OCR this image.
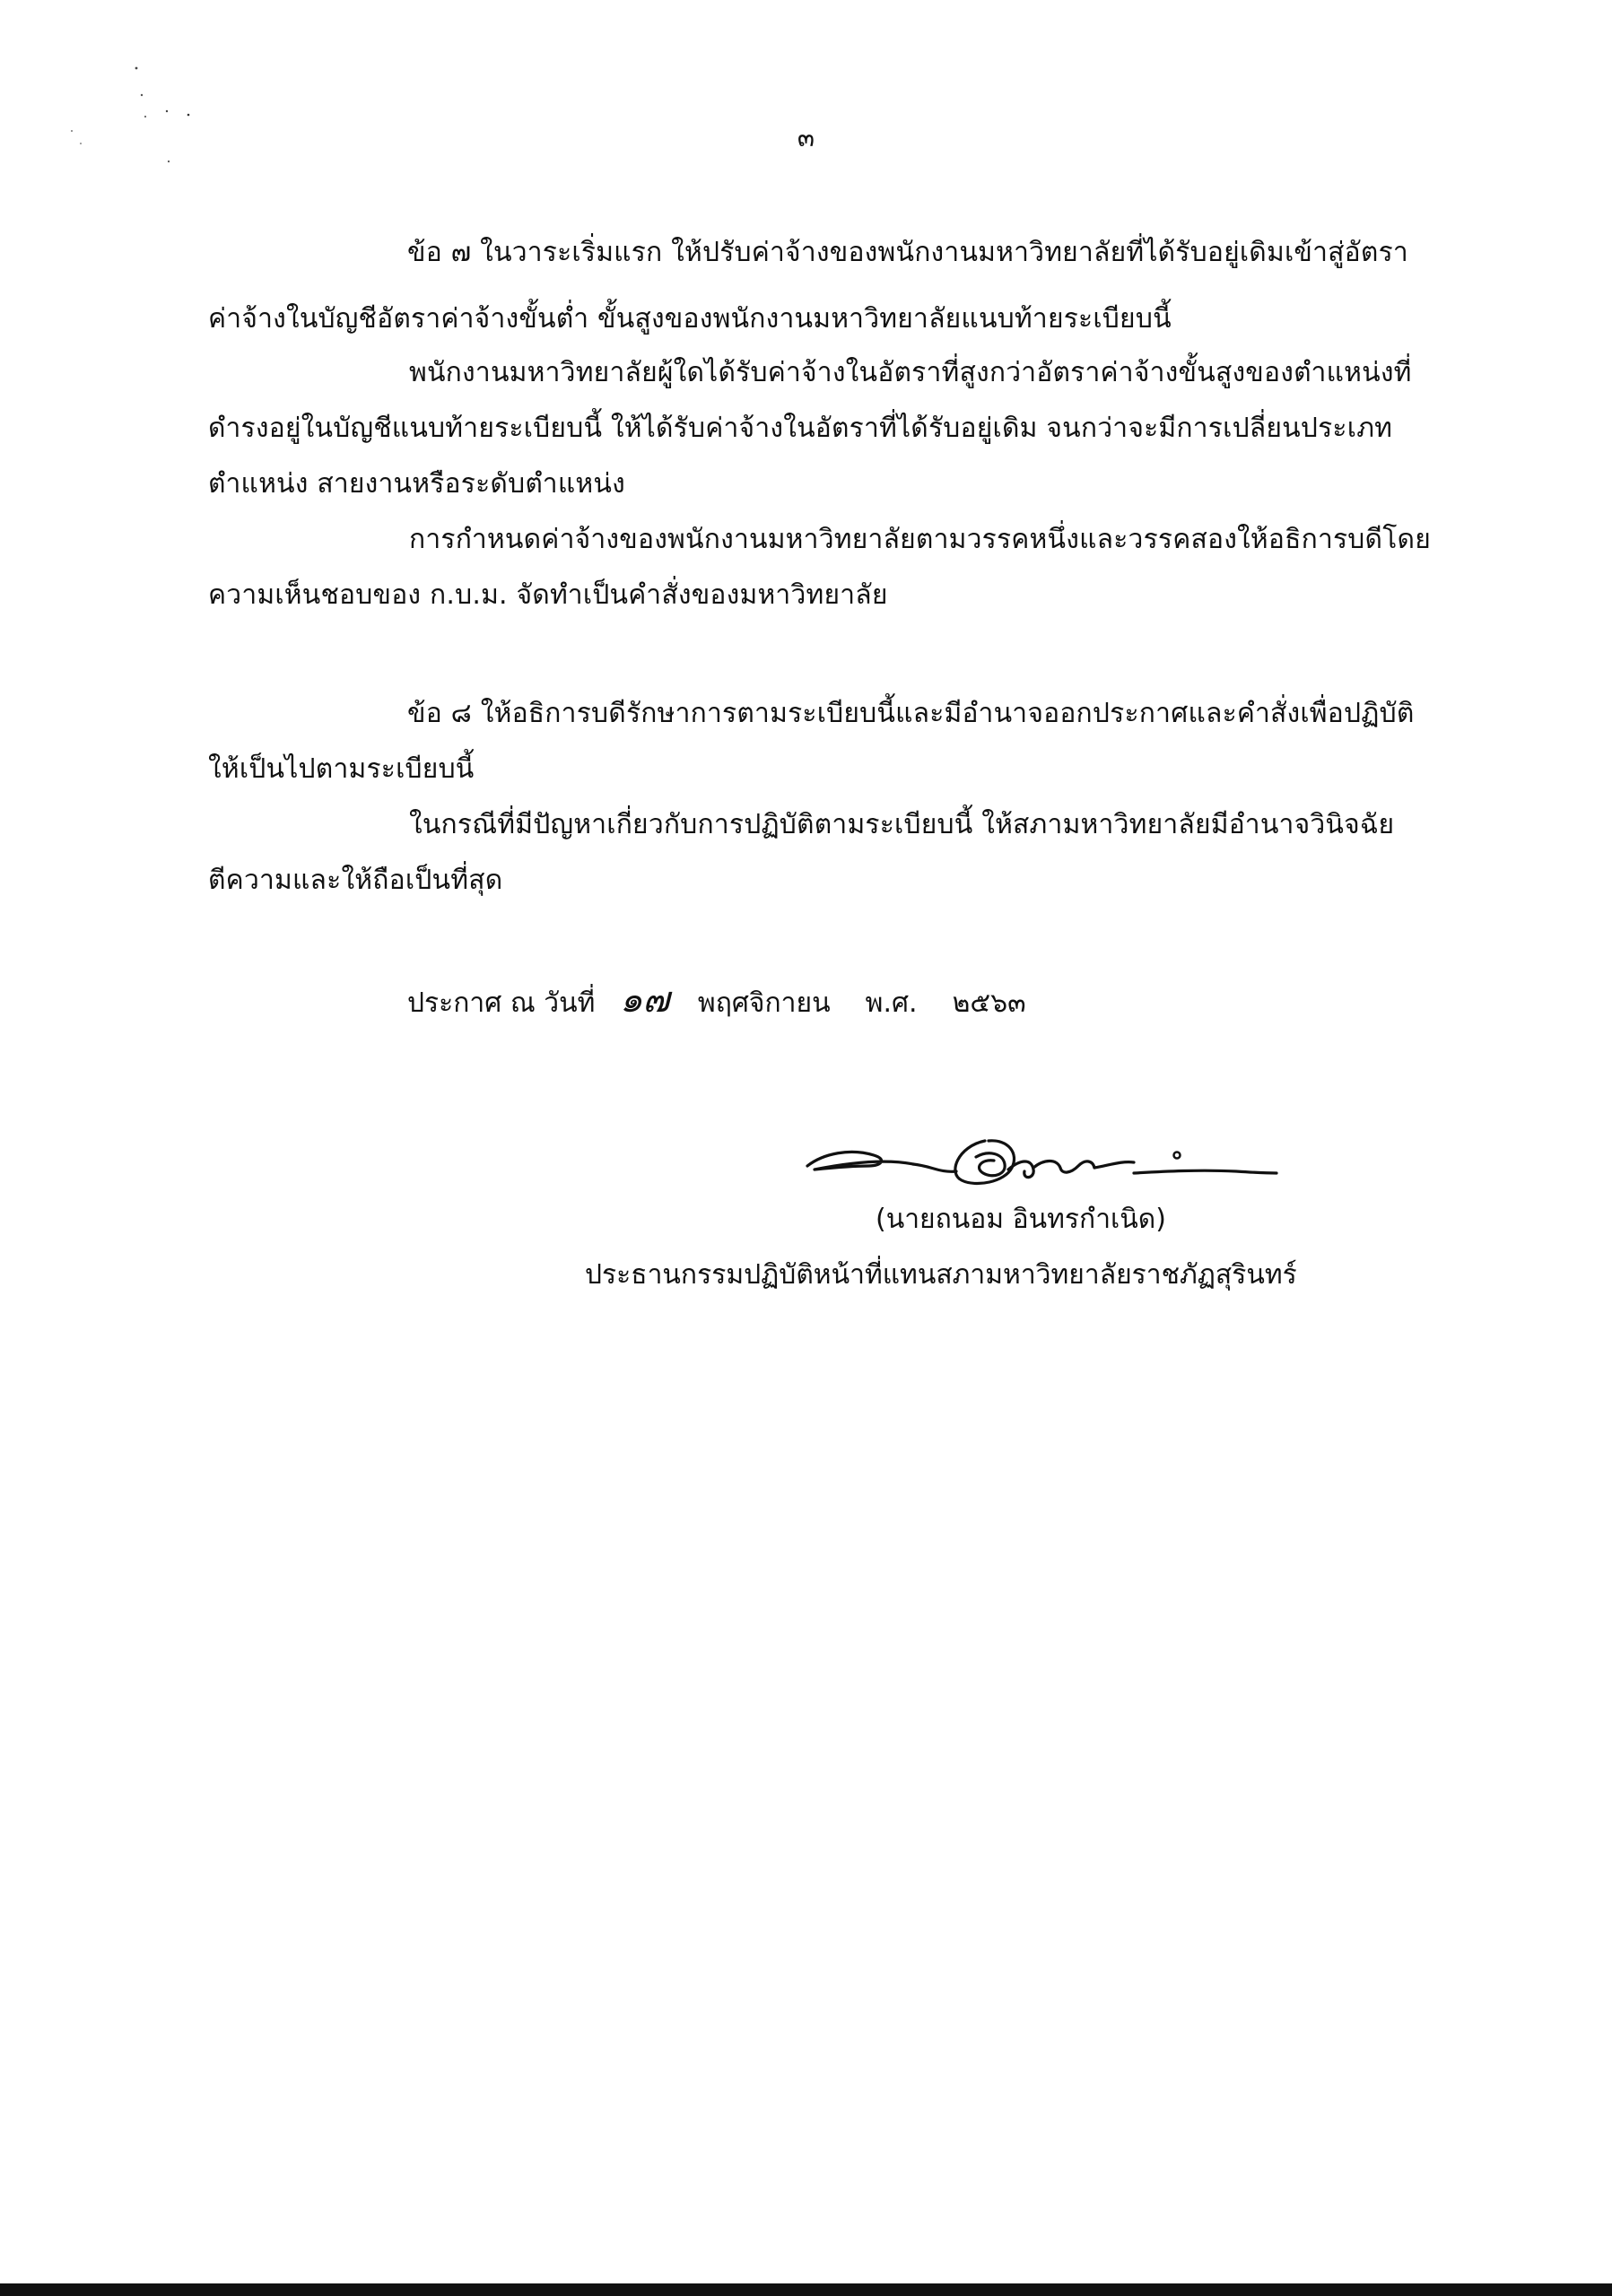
๓
ข้อ ๗ ในวาระเริ่มแรก ให้ปรับค่าจ้างของพนักงานมหาวิทยาลัยที่ได้รับอยู่เดิมเข้าสู่อัตรา
ค่าจ้างในบัญชีอัตราค่าจ้างขั้นต่ำ ขั้นสูงของพนักงานมหาวิทยาลัยแนบท้ายระเบียบนี้
พนักงานมหาวิทยาลัยผู้ใดได้รับค่าจ้างในอัตราที่สูงกว่าอัตราค่าจ้างขั้นสูงของตำแหน่งที่
ดำรงอยู่ในบัญชีแนบท้ายระเบียบนี้ ให้ได้รับค่าจ้างในอัตราที่ได้รับอยู่เดิม จนกว่าจะมีการเปลี่ยนประเภท
ตำแหน่ง สายงานหรือระดับตำแหน่ง
การกำหนดค่าจ้างของพนักงานมหาวิทยาลัยตามวรรคหนึ่งและวรรคสองให้อธิการบดีโดย
ความเห็นชอบของ ก.บ.ม. จัดทำเป็นคำสั่งของมหาวิทยาลัย
ข้อ ๘ ให้อธิการบดีรักษาการตามระเบียบนี้และมีอำนาจออกประกาศและคำสั่งเพื่อปฏิบัติ
ให้เป็นไปตามระเบียบนี้
ในกรณีที่มีปัญหาเกี่ยวกับการปฏิบัติตามระเบียบนี้ ให้สภามหาวิทยาลัยมีอำนาจวินิจฉัย
ตีความและให้ถือเป็นที่สุด
ประกาศ ณ วันที่ ๑๗ พฤศจิกายน พ.ศ. ๒๕๖๓
(นายถนอม อินทรกำเนิด)
ประธานกรรมปฏิบัติหน้าที่แทนสภามหาวิทยาลัยราชภัฏสุรินทร์
